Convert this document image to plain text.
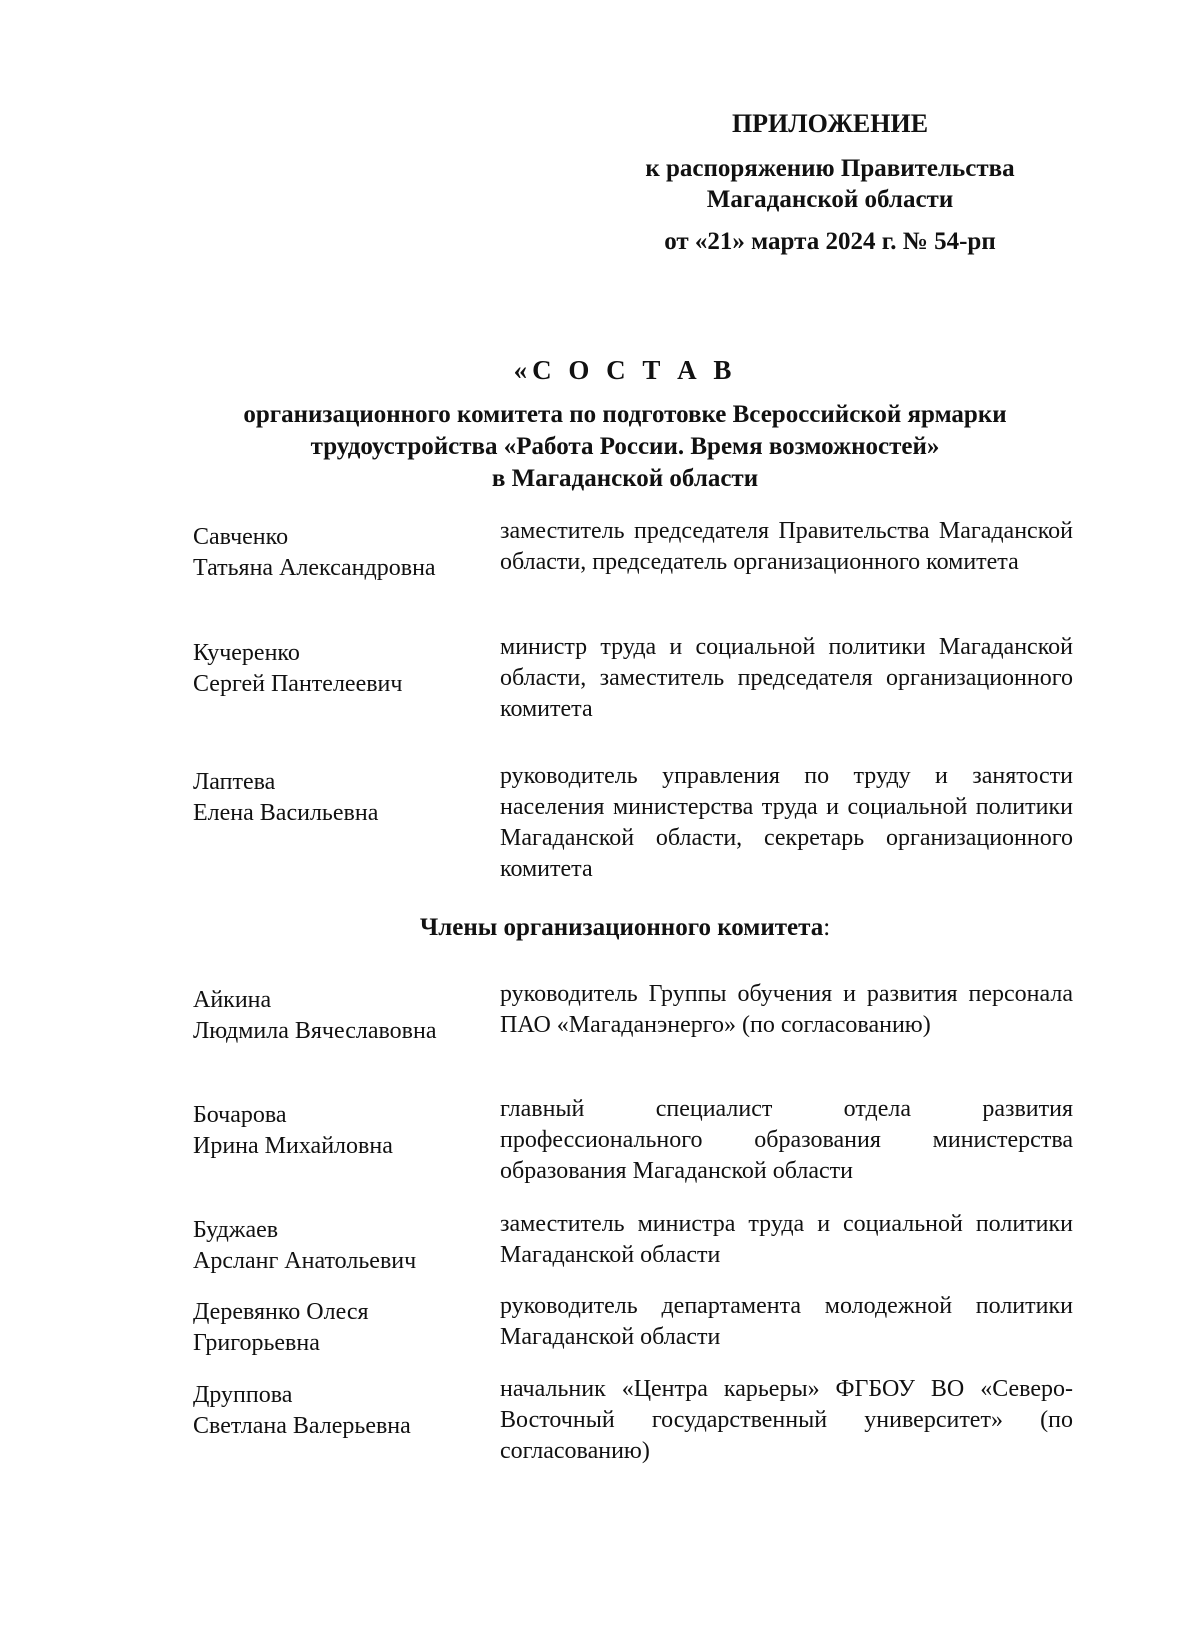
ПРИЛОЖЕНИЕ
к распоряжению Правительства
Магаданской области
от «21» марта 2024 г. № 54-рп
«С О С Т А В
организационного комитета по подготовке Всероссийской ярмарки
трудоустройства «Работа России. Время возможностей»
в Магаданской области
Савченко
Татьяна Александровна
заместитель председателя Правительства Магаданской области, председатель организационного комитета
Кучеренко
Сергей Пантелеевич
министр труда и социальной политики Магаданской области, заместитель председателя организационного комитета
Лаптева
Елена Васильевна
руководитель управления по труду и занятости населения министерства труда и социальной политики Магаданской области, секретарь организационного комитета
Члены организационного комитета:
Айкина
Людмила Вячеславовна
руководитель Группы обучения и развития персонала ПАО «Магаданэнерго» (по согласованию)
Бочарова
Ирина Михайловна
главный специалист отдела развития профессионального образования министерства образования Магаданской области
Буджаев
Арсланг Анатольевич
заместитель министра труда и социальной политики Магаданской области
Деревянко Олеся
Григорьевна
руководитель департамента молодежной политики Магаданской области
Друппова
Светлана Валерьевна
начальник «Центра карьеры» ФГБОУ ВО «Северо-Восточный государственный университет» (по согласованию)
